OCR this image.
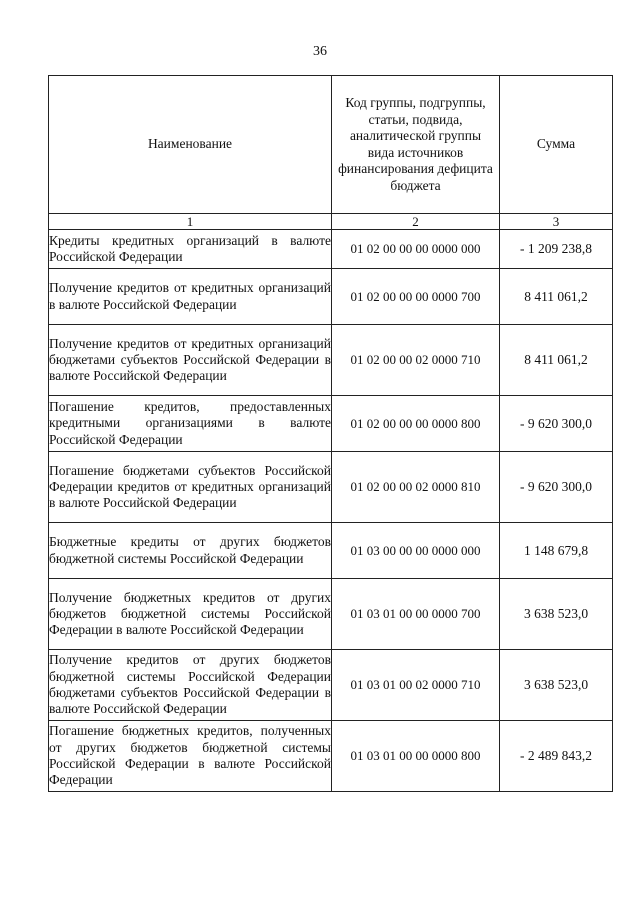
36
Наименование	Код группы, подгруппы, статьи, подвида, аналитической группы вида источников финансирования дефицита бюджета	Сумма

1	2	3
Кредиты кредитных организаций в валюте Российской Федерации	01 02 00 00 00 0000 000	- 1 209 238,8
Получение кредитов от кредитных организаций в валюте Российской Федерации	01 02 00 00 00 0000 700	8 411 061,2
Получение кредитов от кредитных организаций бюджетами субъектов Российской Федерации в валюте Российской Федерации	01 02 00 00 02 0000 710	8 411 061,2
Погашение кредитов, предоставленных кредитными организациями в валюте Российской Федерации	01 02 00 00 00 0000 800	- 9 620 300,0
Погашение бюджетами субъектов Российской Федерации кредитов от кредитных организаций в валюте Российской Федерации	01 02 00 00 02 0000 810	- 9 620 300,0
Бюджетные кредиты от других бюджетов бюджетной системы Российской Федерации	01 03 00 00 00 0000 000	1 148 679,8
Получение бюджетных кредитов от других бюджетов бюджетной системы Российской Федерации в валюте Российской Федерации	01 03 01 00 00 0000 700	3 638 523,0
Получение кредитов от других бюджетов бюджетной системы Российской Федерации бюджетами субъектов Российской Федерации в валюте Российской Федерации	01 03 01 00 02 0000 710	3 638 523,0
Погашение бюджетных кредитов, полученных от других бюджетов бюджетной системы Российской Федерации в валюте Российской Федерации	01 03 01 00 00 0000 800	- 2 489 843,2
